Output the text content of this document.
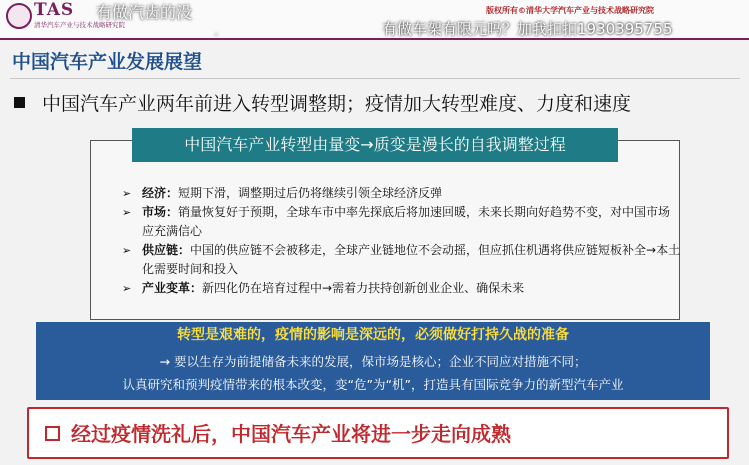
TAS
清华汽车产业与技术战略研究院
版权所有©清华大学汽车产业与技术战略研究院
有做汽齿的没
。	有做车架有限元吗？加我扣扣1930395755
中国汽车产业发展展望
中国汽车产业两年前进入转型调整期；疫情加大转型难度、力度和速度
中国汽车产业转型由量变→质变是漫长的自我调整过程
➢ 经济：短期下滑，调整期过后仍将继续引领全球经济反弹
➢ 市场：销量恢复好于预期，全球车市中率先探底后将加速回暖，未来长期向好趋势不变，对中国市场应充满信心
➢ 供应链：中国的供应链不会被移走，全球产业链地位不会动摇，但应抓住机遇将供应链短板补全→本土化需要时间和投入
➢ 产业变革：新四化仍在培育过程中→需着力扶持创新创业企业、确保未来
转型是艰难的，疫情的影响是深远的，必须做好打持久战的准备
→ 要以生存为前提储备未来的发展，保市场是核心；企业不同应对措施不同；
认真研究和预判疫情带来的根本改变，变“危”为“机”，打造具有国际竞争力的新型汽车产业
经过疫情洗礼后，中国汽车产业将进一步走向成熟
